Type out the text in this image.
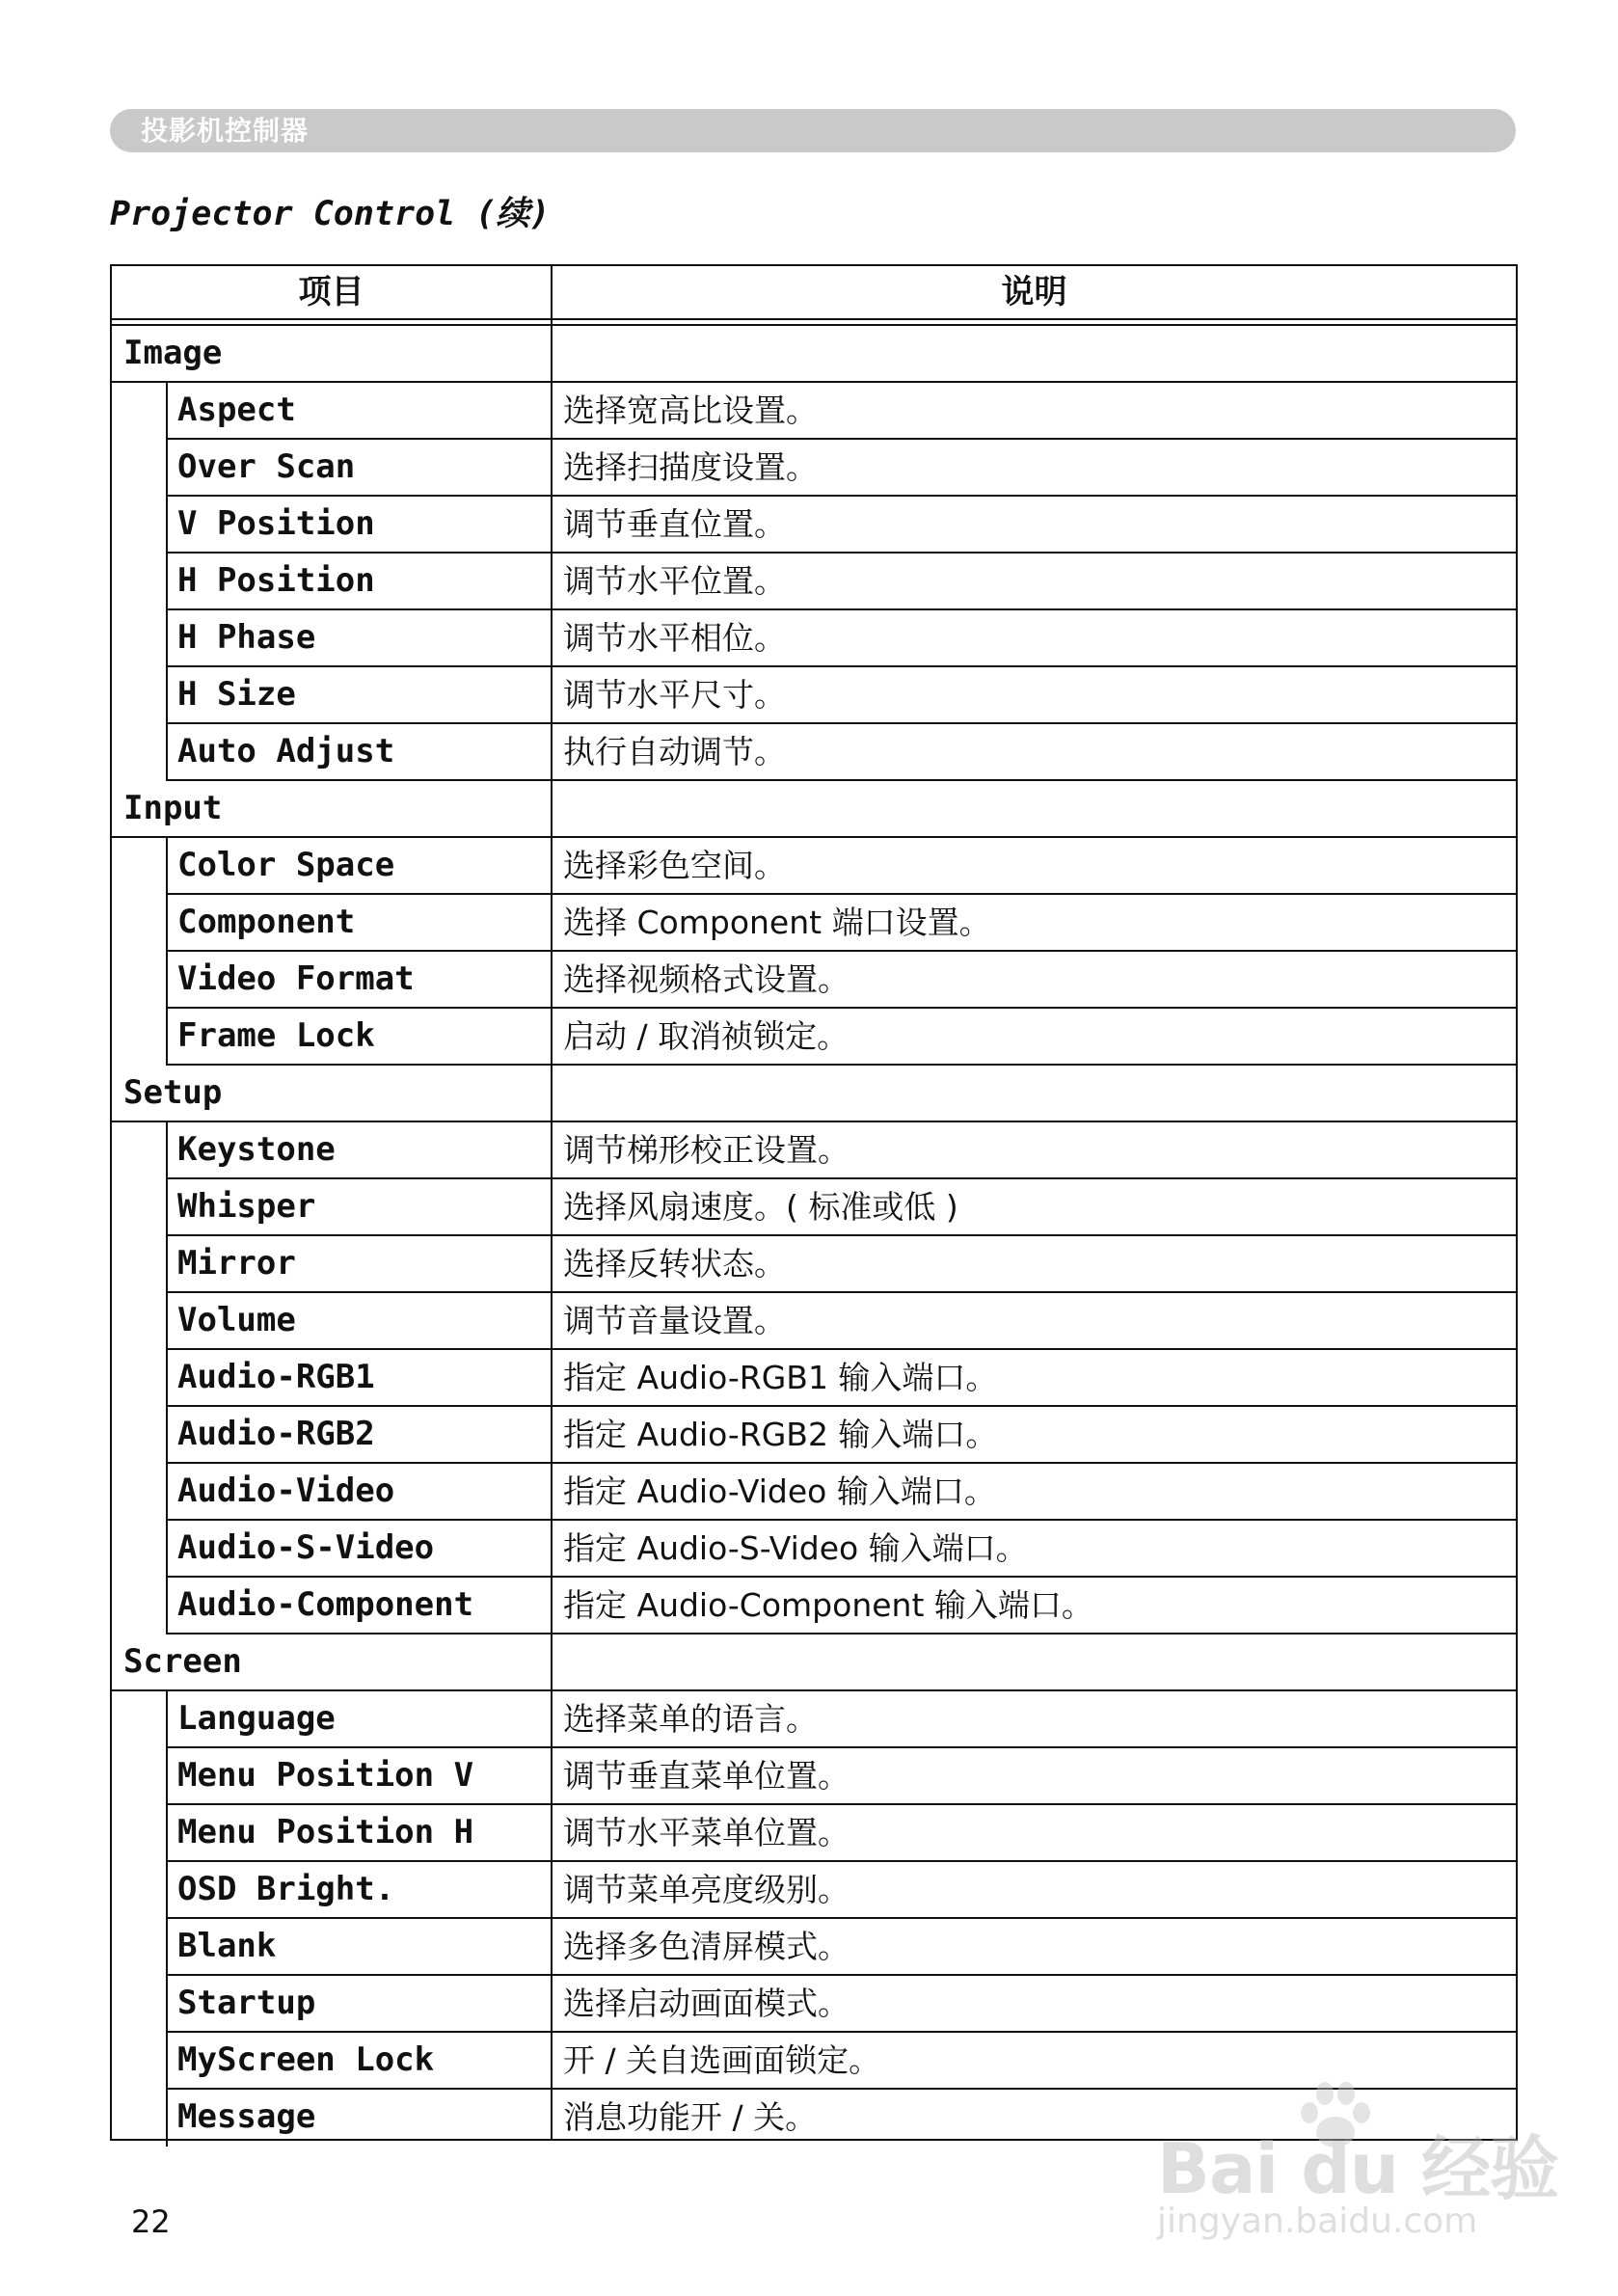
投影机控制器
Projector Control (续)
项目	说明
Image
Aspect	选择宽高比设置。
Over Scan	选择扫描度设置。
V Position	调节垂直位置。
H Position	调节水平位置。
H Phase	调节水平相位。
H Size	调节水平尺寸。
Auto Adjust	执行自动调节。
Input
Color Space	选择彩色空间。
Component	选择 Component 端口设置。
Video Format	选择视频格式设置。
Frame Lock	启动 / 取消祯锁定。
Setup
Keystone	调节梯形校正设置。
Whisper	选择风扇速度。( 标准或低 )
Mirror	选择反转状态。
Volume	调节音量设置。
Audio-RGB1	指定 Audio-RGB1 输入端口。
Audio-RGB2	指定 Audio-RGB2 输入端口。
Audio-Video	指定 Audio-Video 输入端口。
Audio-S-Video	指定 Audio-S-Video 输入端口。
Audio-Component	指定 Audio-Component 输入端口。
Screen
Language	选择菜单的语言。
Menu Position V	调节垂直菜单位置。
Menu Position H	调节水平菜单位置。
OSD Bright.	调节菜单亮度级别。
Blank	选择多色清屏模式。
Startup	选择启动画面模式。
MyScreen Lock	开 / 关自选画面锁定。
Message	消息功能开 / 关。
22
Bai du 经验
jingyan.baidu.com
